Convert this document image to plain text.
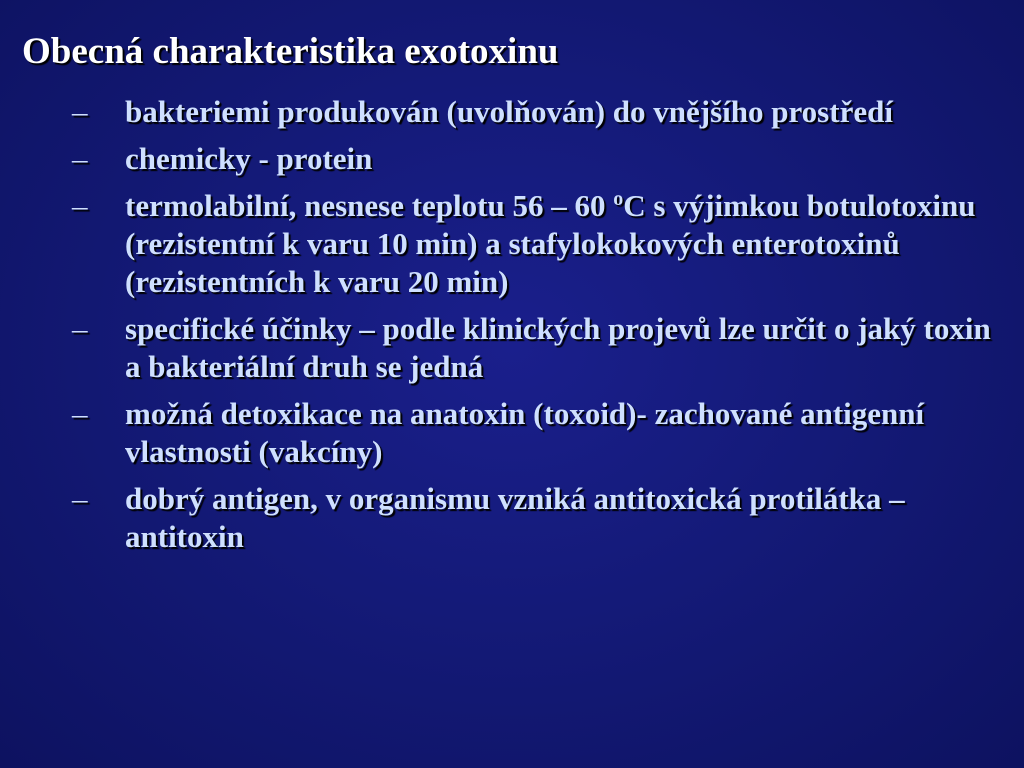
Obecná charakteristika exotoxinu
– bakteriemi produkován (uvolňován) do vnějšího prostředí
– chemicky - protein
– termolabilní, nesnese teplotu 56 – 60 $^o$C s výjimkou botulotoxinu (rezistentní k varu 10 min) a stafylokokových enterotoxinů (rezistentních k varu 20 min)
– specifické účinky – podle klinických projevů lze určit o jaký toxin a bakteriální druh se jedná
– možná detoxikace na anatoxin (toxoid)- zachované antigenní vlastnosti (vakcíny)
– dobrý antigen, v organismu vzniká antitoxická protilátka – antitoxin
